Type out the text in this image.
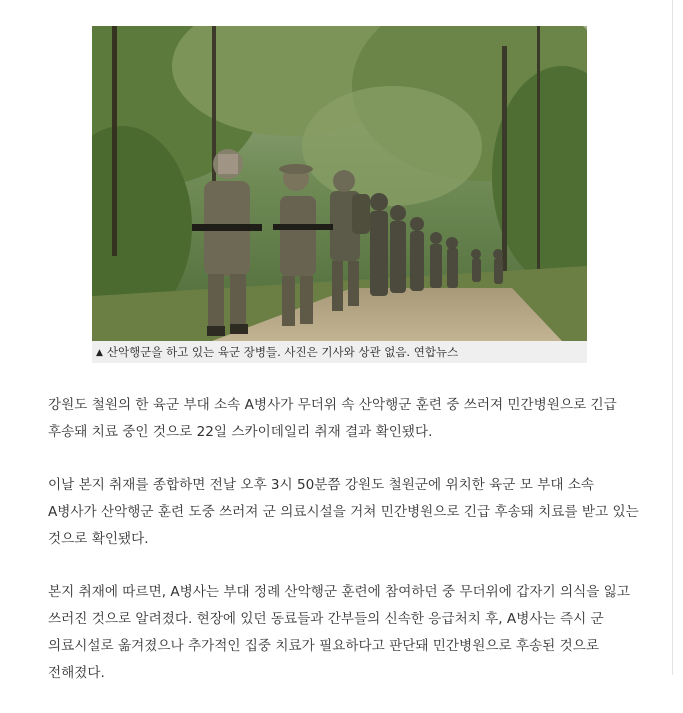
▲ 산악행군을 하고 있는 육군 장병들. 사진은 기사와 상관 없음. 연합뉴스

강원도 철원의 한 육군 부대 소속 A병사가 무더위 속 산악행군 훈련 중 쓰러져 민간병원으로 긴급 후송돼 치료 중인 것으로 22일 스카이데일리 취재 결과 확인됐다.

이날 본지 취재를 종합하면 전날 오후 3시 50분쯤 강원도 철원군에 위치한 육군 모 부대 소속 A병사가 산악행군 훈련 도중 쓰러져 군 의료시설을 거쳐 민간병원으로 긴급 후송돼 치료를 받고 있는 것으로 확인됐다.

본지 취재에 따르면, A병사는 부대 정례 산악행군 훈련에 참여하던 중 무더위에 갑자기 의식을 잃고 쓰러진 것으로 알려졌다. 현장에 있던 동료들과 간부들의 신속한 응급처치 후, A병사는 즉시 군 의료시설로 옮겨졌으나 추가적인 집중 치료가 필요하다고 판단돼 민간병원으로 후송된 것으로 전해졌다.
